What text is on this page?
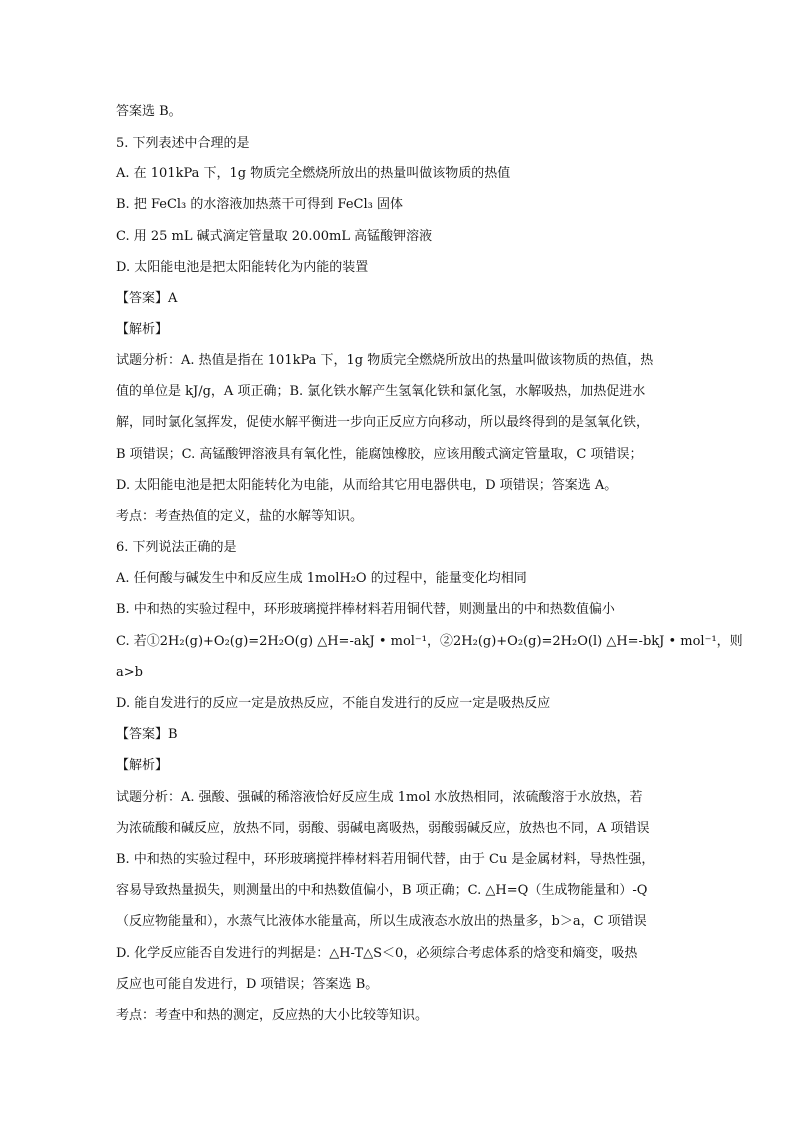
答案选 B。
5. 下列表述中合理的是
A. 在 101kPa 下，1g 物质完全燃烧所放出的热量叫做该物质的热值
B. 把 FeCl₃ 的水溶液加热蒸干可得到 FeCl₃ 固体
C. 用 25 mL 碱式滴定管量取 20.00mL 高锰酸钾溶液
D. 太阳能电池是把太阳能转化为内能的装置
【答案】A
【解析】
试题分析：A. 热值是指在 101kPa 下，1g 物质完全燃烧所放出的热量叫做该物质的热值，热
值的单位是 kJ/g，A 项正确；B. 氯化铁水解产生氢氧化铁和氯化氢，水解吸热，加热促进水
解，同时氯化氢挥发，促使水解平衡进一步向正反应方向移动，所以最终得到的是氢氧化铁，
B 项错误；C. 高锰酸钾溶液具有氧化性，能腐蚀橡胶，应该用酸式滴定管量取，C 项错误；
D. 太阳能电池是把太阳能转化为电能，从而给其它用电器供电，D 项错误；答案选 A。
考点：考查热值的定义，盐的水解等知识。
6. 下列说法正确的是
A. 任何酸与碱发生中和反应生成 1molH₂O 的过程中，能量变化均相同
B. 中和热的实验过程中，环形玻璃搅拌棒材料若用铜代替，则测量出的中和热数值偏小
C. 若①2H₂(g)+O₂(g)=2H₂O(g) △H=-akJ • mol⁻¹，②2H₂(g)+O₂(g)=2H₂O(l) △H=-bkJ • mol⁻¹，则
a>b
D. 能自发进行的反应一定是放热反应，不能自发进行的反应一定是吸热反应
【答案】B
【解析】
试题分析：A. 强酸、强碱的稀溶液恰好反应生成 1mol 水放热相同，浓硫酸溶于水放热，若
为浓硫酸和碱反应，放热不同，弱酸、弱碱电离吸热，弱酸弱碱反应，放热也不同，A 项错误
B. 中和热的实验过程中，环形玻璃搅拌棒材料若用铜代替，由于 Cu 是金属材料，导热性强，
容易导致热量损失，则测量出的中和热数值偏小，B 项正确；C. △H=Q（生成物能量和）-Q
（反应物能量和），水蒸气比液体水能量高，所以生成液态水放出的热量多，b＞a，C 项错误
D. 化学反应能否自发进行的判据是：△H-T△S＜0，必须综合考虑体系的焓变和熵变，吸热
反应也可能自发进行，D 项错误；答案选 B。
考点：考查中和热的测定，反应热的大小比较等知识。
